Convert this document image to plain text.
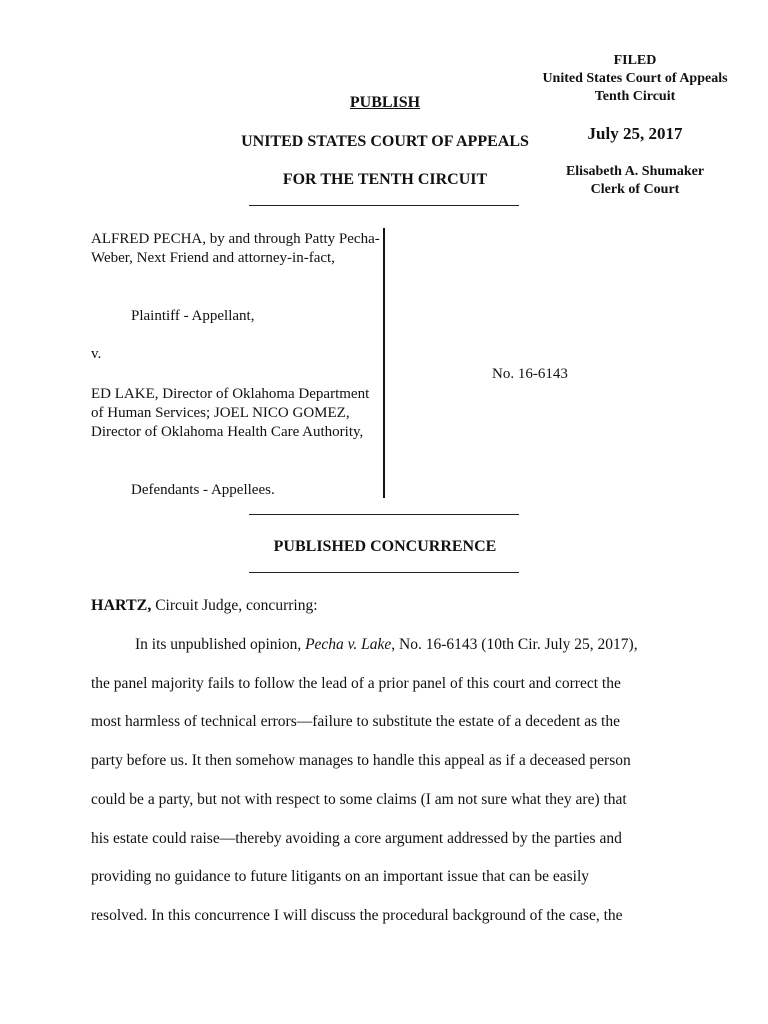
FILED
United States Court of Appeals
Tenth Circuit
July 25, 2017
Elisabeth A. Shumaker
Clerk of Court
PUBLISH
UNITED STATES COURT OF APPEALS
FOR THE TENTH CIRCUIT
ALFRED PECHA, by and through Patty Pecha-Weber, Next Friend and attorney-in-fact,
Plaintiff - Appellant,
v.
ED LAKE, Director of Oklahoma Department of Human Services; JOEL NICO GOMEZ, Director of Oklahoma Health Care Authority,
Defendants - Appellees.
No. 16-6143
PUBLISHED CONCURRENCE
HARTZ, Circuit Judge, concurring:
In its unpublished opinion, Pecha v. Lake, No. 16-6143 (10th Cir. July 25, 2017),
the panel majority fails to follow the lead of a prior panel of this court and correct the
most harmless of technical errors—failure to substitute the estate of a decedent as the
party before us. It then somehow manages to handle this appeal as if a deceased person
could be a party, but not with respect to some claims (I am not sure what they are) that
his estate could raise—thereby avoiding a core argument addressed by the parties and
providing no guidance to future litigants on an important issue that can be easily
resolved. In this concurrence I will discuss the procedural background of the case, the
